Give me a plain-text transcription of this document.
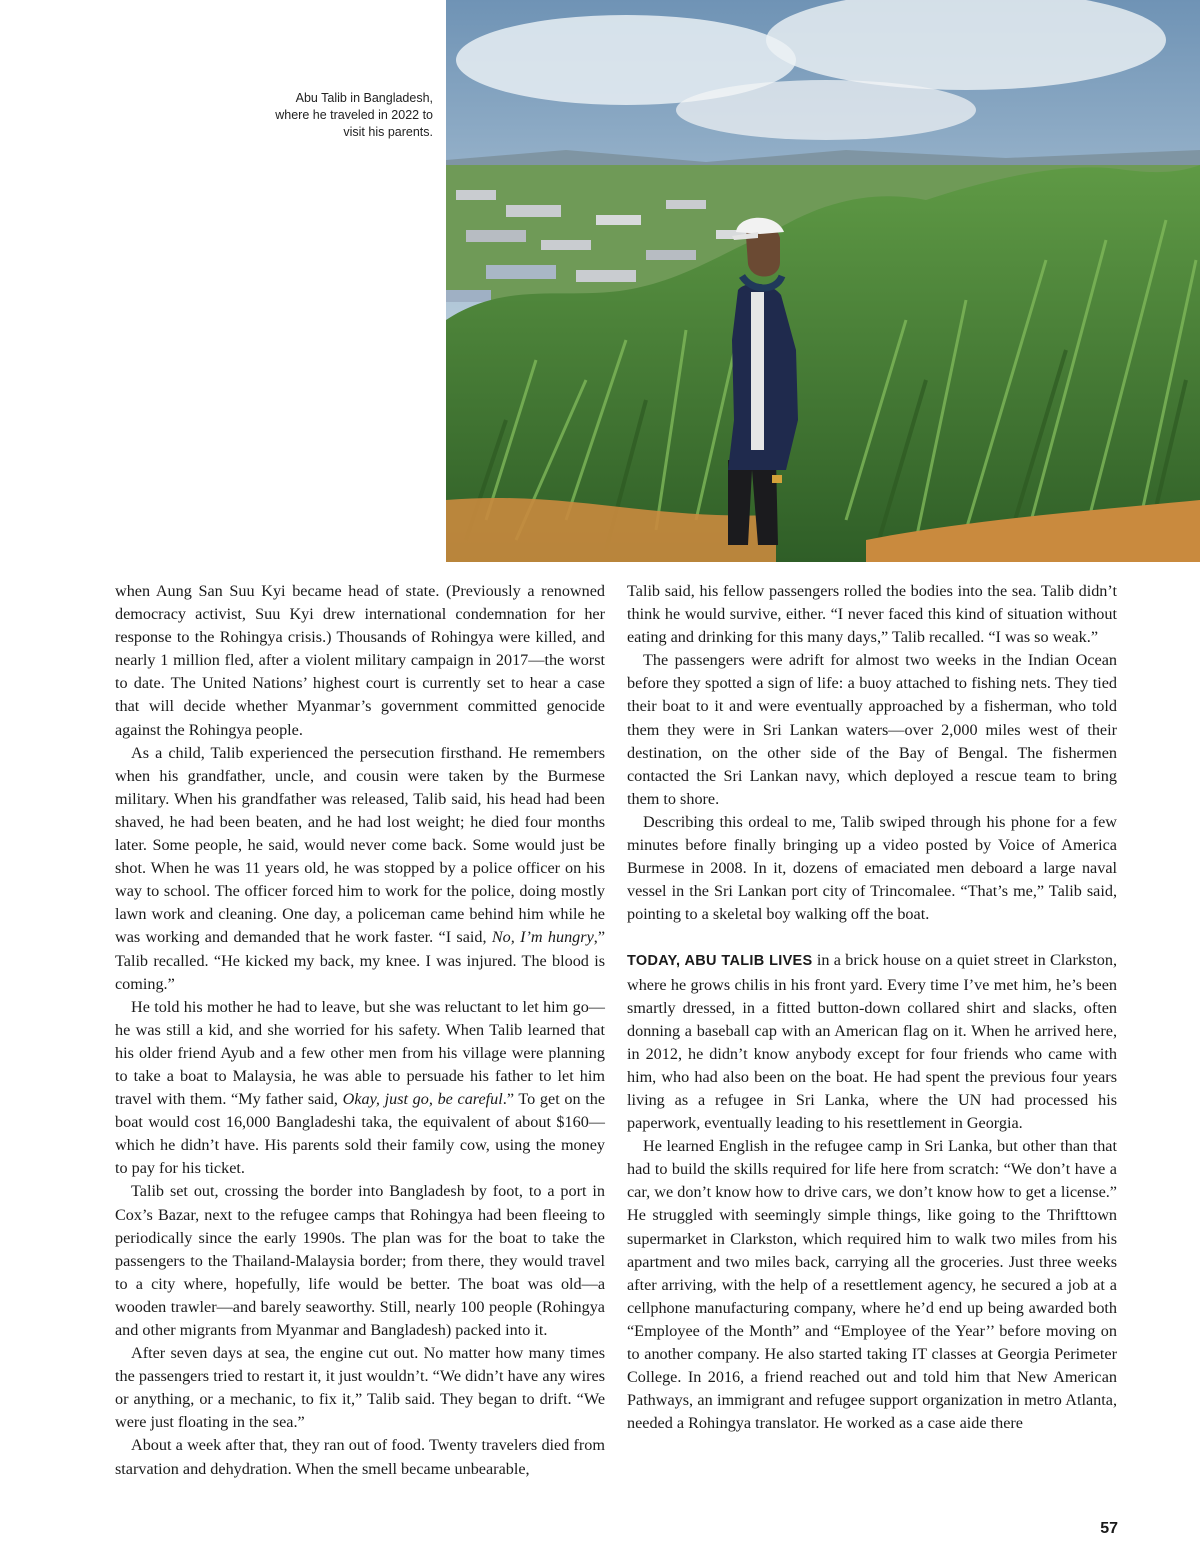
Abu Talib in Bangladesh,
where he traveled in 2022 to
visit his parents.

when Aung San Suu Kyi became head of state. (Previously a renowned democracy activist, Suu Kyi drew international condemnation for her response to the Rohingya crisis.) Thousands of Rohingya were killed, and nearly 1 million fled, after a violent military campaign in 2017—the worst to date. The United Nations’ highest court is currently set to hear a case that will decide whether Myanmar’s government committed genocide against the Rohingya people.

As a child, Talib experienced the persecution firsthand. He remembers when his grandfather, uncle, and cousin were taken by the Burmese military. When his grandfather was released, Talib said, his head had been shaved, he had been beaten, and he had lost weight; he died four months later. Some people, he said, would never come back. Some would just be shot. When he was 11 years old, he was stopped by a police officer on his way to school. The officer forced him to work for the police, doing mostly lawn work and cleaning. One day, a policeman came behind him while he was working and demanded that he work faster. “I said, No, I’m hungry,” Talib recalled. “He kicked my back, my knee. I was injured. The blood is coming.”

He told his mother he had to leave, but she was reluctant to let him go—he was still a kid, and she worried for his safety. When Talib learned that his older friend Ayub and a few other men from his village were planning to take a boat to Malaysia, he was able to persuade his father to let him travel with them. “My father said, Okay, just go, be careful.” To get on the boat would cost 16,000 Bangladeshi taka, the equivalent of about $160—which he didn’t have. His parents sold their family cow, using the money to pay for his ticket.

Talib set out, crossing the border into Bangladesh by foot, to a port in Cox’s Bazar, next to the refugee camps that Rohingya had been fleeing to periodically since the early 1990s. The plan was for the boat to take the passengers to the Thailand-Malaysia border; from there, they would travel to a city where, hopefully, life would be better. The boat was old—a wooden trawler—and barely seaworthy. Still, nearly 100 people (Rohingya and other migrants from Myanmar and Bangladesh) packed into it.

After seven days at sea, the engine cut out. No matter how many times the passengers tried to restart it, it just wouldn’t. “We didn’t have any wires or anything, or a mechanic, to fix it,” Talib said. They began to drift. “We were just floating in the sea.”

About a week after that, they ran out of food. Twenty travelers died from starvation and dehydration. When the smell became unbearable,

Talib said, his fellow passengers rolled the bodies into the sea. Talib didn’t think he would survive, either. “I never faced this kind of situation without eating and drinking for this many days,” Talib recalled. “I was so weak.”

The passengers were adrift for almost two weeks in the Indian Ocean before they spotted a sign of life: a buoy attached to fishing nets. They tied their boat to it and were eventually approached by a fisherman, who told them they were in Sri Lankan waters—over 2,000 miles west of their destination, on the other side of the Bay of Bengal. The fishermen contacted the Sri Lankan navy, which deployed a rescue team to bring them to shore.

Describing this ordeal to me, Talib swiped through his phone for a few minutes before finally bringing up a video posted by Voice of America Burmese in 2008. In it, dozens of emaciated men deboard a large naval vessel in the Sri Lankan port city of Trincomalee. “That’s me,” Talib said, pointing to a skeletal boy walking off the boat.

TODAY, ABU TALIB LIVES in a brick house on a quiet street in Clarkston, where he grows chilis in his front yard. Every time I’ve met him, he’s been smartly dressed, in a fitted button-down collared shirt and slacks, often donning a baseball cap with an American flag on it. When he arrived here, in 2012, he didn’t know anybody except for four friends who came with him, who had also been on the boat. He had spent the previous four years living as a refugee in Sri Lanka, where the UN had processed his paperwork, eventually leading to his resettlement in Georgia.

He learned English in the refugee camp in Sri Lanka, but other than that had to build the skills required for life here from scratch: “We don’t have a car, we don’t know how to drive cars, we don’t know how to get a license.” He struggled with seemingly simple things, like going to the Thrifttown supermarket in Clarkston, which required him to walk two miles from his apartment and two miles back, carrying all the groceries. Just three weeks after arriving, with the help of a resettlement agency, he secured a job at a cellphone manufacturing company, where he’d end up being awarded both “Employee of the Month” and “Employee of the Year’’ before moving on to another company. He also started taking IT classes at Georgia Perimeter College. In 2016, a friend reached out and told him that New American Pathways, an immigrant and refugee support organization in metro Atlanta, needed a Rohingya translator. He worked as a case aide there

57
